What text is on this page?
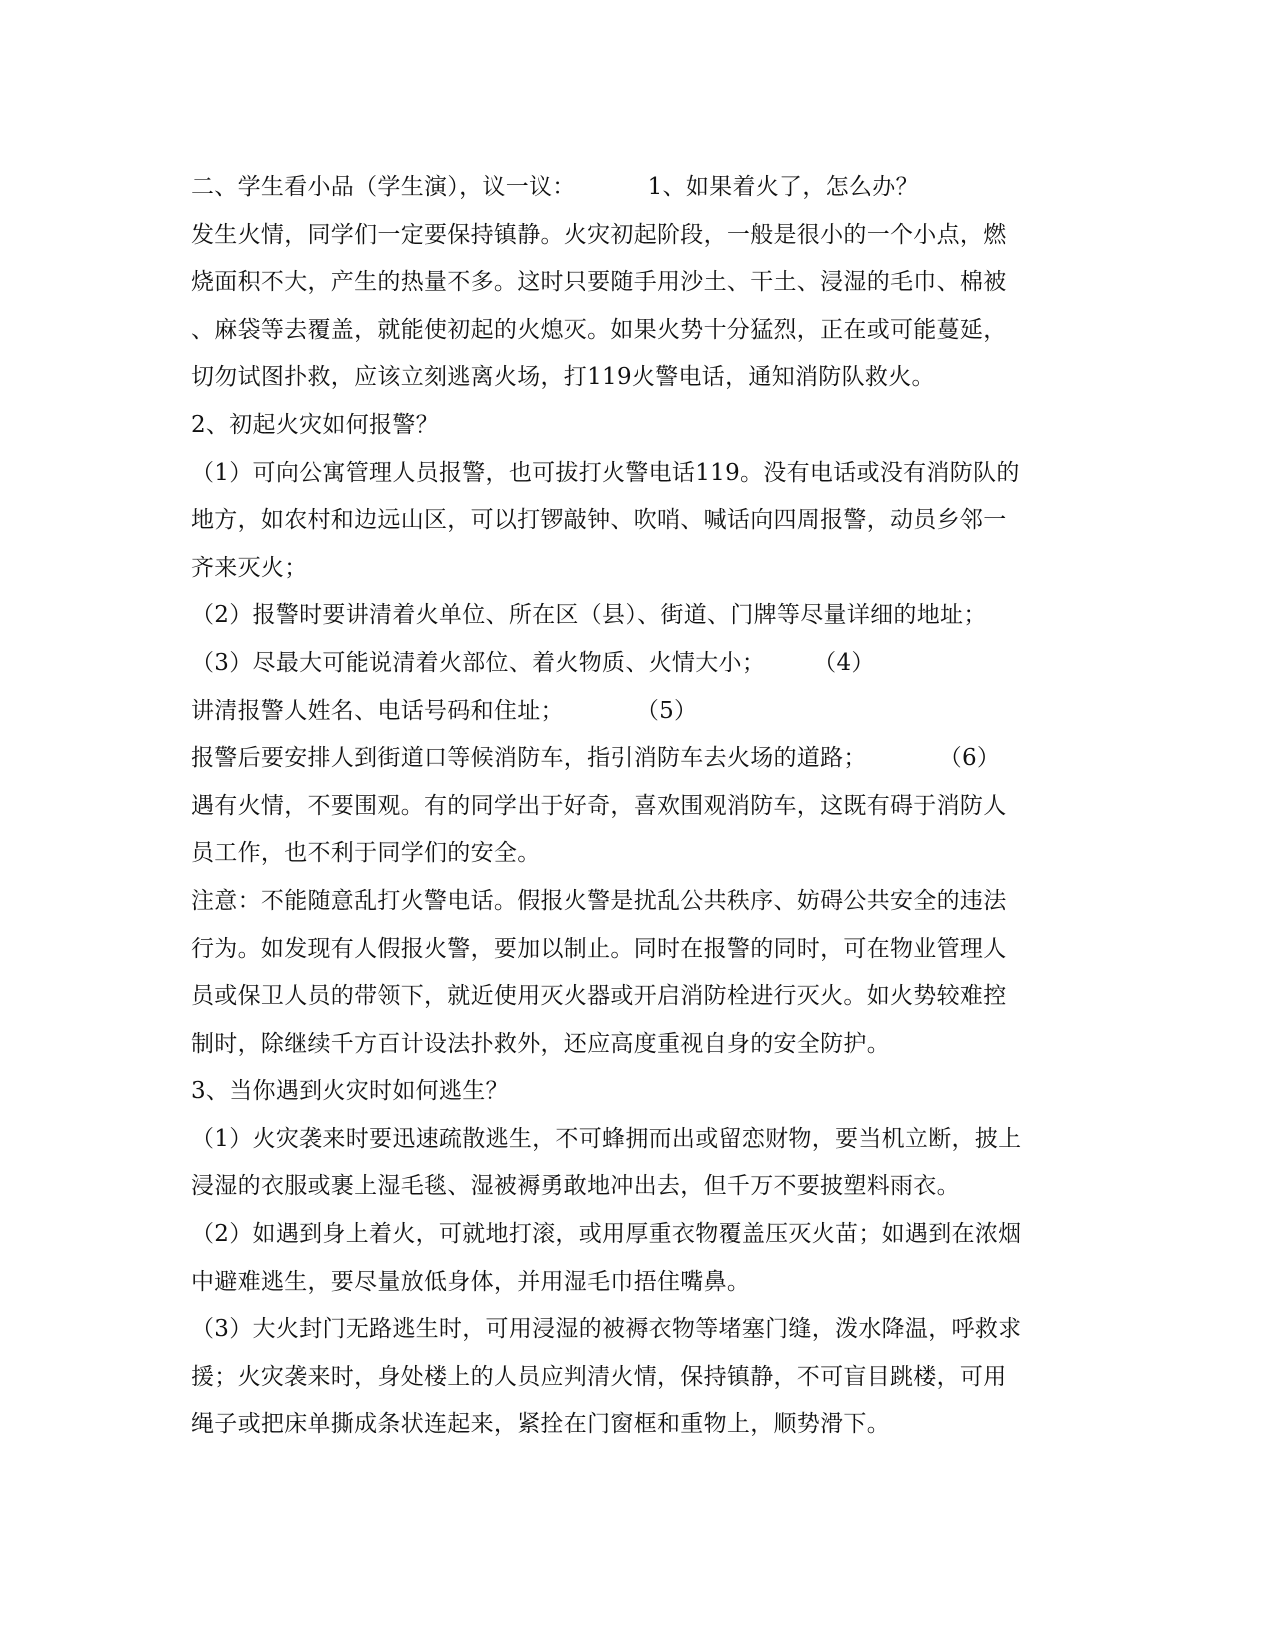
二、学生看小品（学生演），议一议：	1、如果着火了，怎么办？
发生火情，同学们一定要保持镇静。火灾初起阶段，一般是很小的一个小点，燃
烧面积不大，产生的热量不多。这时只要随手用沙土、干土、浸湿的毛巾、棉被
、麻袋等去覆盖，就能使初起的火熄灭。如果火势十分猛烈，正在或可能蔓延，
切勿试图扑救，应该立刻逃离火场，打119火警电话，通知消防队救火。
2、初起火灾如何报警？
（1）可向公寓管理人员报警，也可拔打火警电话119。没有电话或没有消防队的
地方，如农村和边远山区，可以打锣敲钟、吹哨、喊话向四周报警，动员乡邻一
齐来灭火；
（2）报警时要讲清着火单位、所在区（县）、街道、门牌等尽量详细的地址；
（3）尽最大可能说清着火部位、着火物质、火情大小； （4）
讲清报警人姓名、电话号码和住址；	（5）
报警后要安排人到街道口等候消防车，指引消防车去火场的道路；	（6）
遇有火情，不要围观。有的同学出于好奇，喜欢围观消防车，这既有碍于消防人
员工作，也不利于同学们的安全。
注意：不能随意乱打火警电话。假报火警是扰乱公共秩序、妨碍公共安全的违法
行为。如发现有人假报火警，要加以制止。同时在报警的同时，可在物业管理人
员或保卫人员的带领下，就近使用灭火器或开启消防栓进行灭火。如火势较难控
制时，除继续千方百计设法扑救外，还应高度重视自身的安全防护。
3、当你遇到火灾时如何逃生？
（1）火灾袭来时要迅速疏散逃生，不可蜂拥而出或留恋财物，要当机立断，披上
浸湿的衣服或裹上湿毛毯、湿被褥勇敢地冲出去，但千万不要披塑料雨衣。
（2）如遇到身上着火，可就地打滚，或用厚重衣物覆盖压灭火苗；如遇到在浓烟
中避难逃生，要尽量放低身体，并用湿毛巾捂住嘴鼻。
（3）大火封门无路逃生时，可用浸湿的被褥衣物等堵塞门缝，泼水降温，呼救求
援；火灾袭来时，身处楼上的人员应判清火情，保持镇静，不可盲目跳楼，可用
绳子或把床单撕成条状连起来，紧拴在门窗框和重物上，顺势滑下。
